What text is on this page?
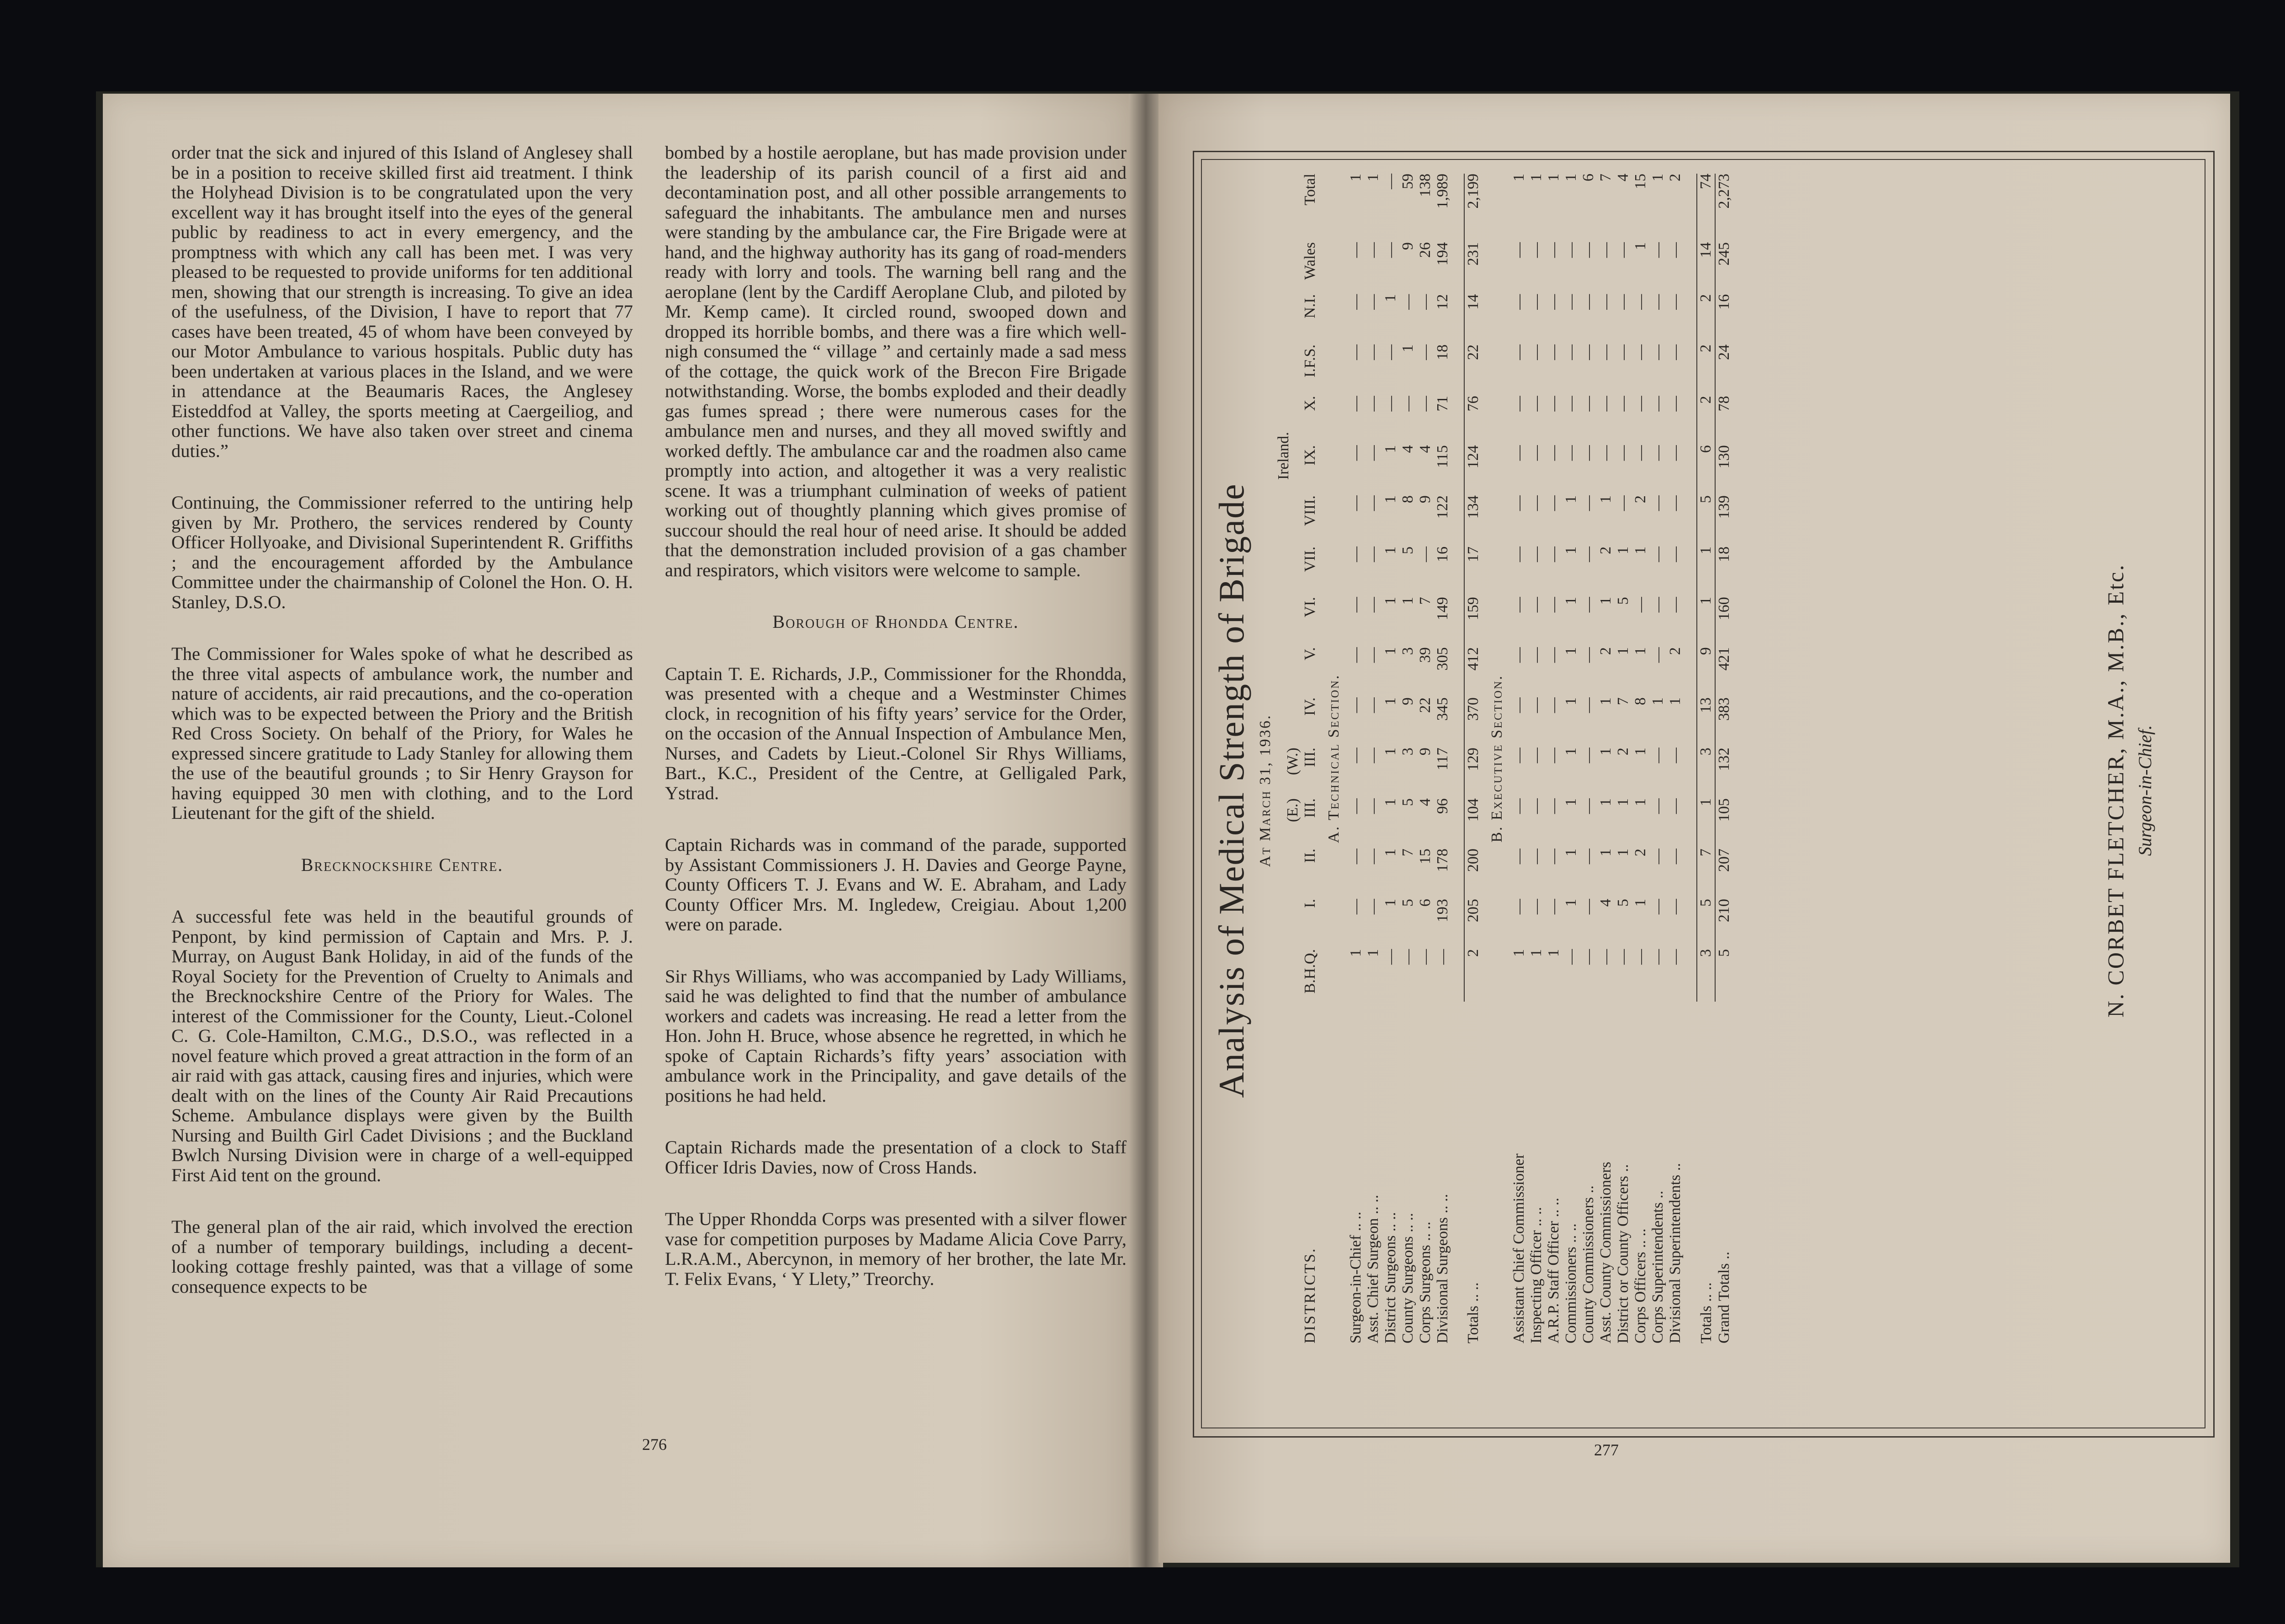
order tnat the sick and injured of this Island of Anglesey shall be in a position to receive skilled first aid treatment. I think the Holyhead Division is to be congratulated upon the very excellent way it has brought itself into the eyes of the general public by readiness to act in every emergency, and the promptness with which any call has been met. I was very pleased to be requested to provide uniforms for ten additional men, showing that our strength is increasing. To give an idea of the usefulness, of the Division, I have to report that 77 cases have been treated, 45 of whom have been conveyed by our Motor Ambulance to various hospitals. Public duty has been undertaken at various places in the Island, and we were in attendance at the Beaumaris Races, the Anglesey Eisteddfod at Valley, the sports meeting at Caergeiliog, and other functions. We have also taken over street and cinema duties.”

Continuing, the Commissioner referred to the untiring help given by Mr. Prothero, the services rendered by County Officer Hollyoake, and Divisional Superintendent R. Griffiths ; and the encouragement afforded by the Ambulance Committee under the chairmanship of Colonel the Hon. O. H. Stanley, D.S.O.

The Commissioner for Wales spoke of what he described as the three vital aspects of ambulance work, the number and nature of accidents, air raid precautions, and the co-operation which was to be expected between the Priory and the British Red Cross Society. On behalf of the Priory, for Wales he expressed sincere gratitude to Lady Stanley for allowing them the use of the beautiful grounds ; to Sir Henry Grayson for having equipped 30 men with clothing, and to the Lord Lieutenant for the gift of the shield.

Brecknockshire Centre.

A successful fete was held in the beautiful grounds of Penpont, by kind permission of Captain and Mrs. P. J. Murray, on August Bank Holiday, in aid of the funds of the Royal Society for the Prevention of Cruelty to Animals and the Brecknockshire Centre of the Priory for Wales. The interest of the Commissioner for the County, Lieut.-Colonel C. G. Cole-Hamilton, C.M.G., D.S.O., was reflected in a novel feature which proved a great attraction in the form of an air raid with gas attack, causing fires and injuries, which were dealt with on the lines of the County Air Raid Precautions Scheme. Ambulance displays were given by the Builth Nursing and Builth Girl Cadet Divisions ; and the Buckland Bwlch Nursing Division were in charge of a well-equipped First Aid tent on the ground.

The general plan of the air raid, which involved the erection of a number of temporary buildings, including a decent-looking cottage freshly painted, was that a village of some consequence expects to be

bombed by a hostile aeroplane, but has made provision under the leadership of its parish council of a first aid and decontamination post, and all other possible arrangements to safeguard the inhabitants. The ambulance men and nurses were standing by the ambulance car, the Fire Brigade were at hand, and the highway authority has its gang of road-menders ready with lorry and tools. The warning bell rang and the aeroplane (lent by the Cardiff Aeroplane Club, and piloted by Mr. Kemp came). It circled round, swooped down and dropped its horrible bombs, and there was a fire which well-nigh consumed the “ village ” and certainly made a sad mess of the cottage, the quick work of the Brecon Fire Brigade notwithstanding. Worse, the bombs exploded and their deadly gas fumes spread ; there were numerous cases for the ambulance men and nurses, and they all moved swiftly and worked deftly. The ambulance car and the roadmen also came promptly into action, and altogether it was a very realistic scene. It was a triumphant culmination of weeks of patient working out of thoughtly planning which gives promise of succour should the real hour of need arise. It should be added that the demonstration included provision of a gas chamber and respirators, which visitors were welcome to sample.

Borough of Rhondda Centre.

Captain T. E. Richards, J.P., Commissioner for the Rhondda, was presented with a cheque and a Westminster Chimes clock, in recognition of his fifty years’ service for the Order, on the occasion of the Annual Inspection of Ambulance Men, Nurses, and Cadets by Lieut.-Colonel Sir Rhys Williams, Bart., K.C., President of the Centre, at Gelligaled Park, Ystrad.

Captain Richards was in command of the parade, supported by Assistant Commissioners J. H. Davies and George Payne, County Officers T. J. Evans and W. E. Abraham, and Lady County Officer Mrs. M. Ingledew, Creigiau. About 1,200 were on parade.

Sir Rhys Williams, who was accompanied by Lady Williams, said he was delighted to find that the number of ambulance workers and cadets was increasing. He read a letter from the Hon. John H. Bruce, whose absence he regretted, in which he spoke of Captain Richards’s fifty years’ association with ambulance work in the Principality, and gave details of the positions he had held.

Captain Richards made the presentation of a clock to Staff Officer Idris Davies, now of Cross Hands.

The Upper Rhondda Corps was presented with a silver flower vase for competition purposes by Madame Alicia Cove Parry, L.R.A.M., Abercynon, in memory of her brother, the late Mr. T. Felix Evans, ‘ Y Llety,” Treorchy.

276
Analysis of Medical Strength of Brigade At March 31, 1936.
Ireland.
				(E.)	(W.)											
DISTRICTS.	B.H.Q.	I.	II.	III.	III.	IV.	V.	VI.	VII.	VIII.	IX.	X.	I.F.S.	N.I.	Wales	Total
A. Technical Section.																
Surgeon-in-Chief .. ..	1	—	—	—	—	—	—	—	—	—	—	—	—	—	—	1
Asst. Chief Surgeon .. ..	1	—	—	—	—	—	—	—	—	—	—	—	—	—	—	1
District Surgeons .. ..	—	1	1	1	1	1	1	1	1	1	1	—	—	1	—	—
County Surgeons .. ..	—	5	7	5	3	9	3	1	5	8	4	—	1	—	9	59
Corps Surgeons .. ..	—	6	15	4	9	22	39	7	—	9	4	—	—	—	26	138
Divisional Surgeons .. ..	—	193	178	96	117	345	305	149	16	122	115	71	18	12	194	1,989

Totals .. ..	2	205	200	104	129	370	412	159	17	134	124	76	22	14	231	2,199
B. Executive Section.																
Assistant Chief Commissioner	1	—	—	—	—	—	—	—	—	—	—	—	—	—	—	1
Inspecting Officer .. ..	1	—	—	—	—	—	—	—	—	—	—	—	—	—	—	1
A.R.P. Staff Officer .. ..	1	—	—	—	—	—	—	—	—	—	—	—	—	—	—	1
Commissioners .. ..	—	1	1	1	1	1	1	1	1	1	—	—	—	—	—	1
County Commissioners ..	—	—	—	—	—	—	—	—	—	—	—	—	—	—	—	6
Asst. County Commissioners	—	4	1	1	1	1	2	1	2	1	—	—	—	—	—	7
District or County Officers ..	—	5	1	1	2	7	1	5	1	—	—	—	—	—	—	4
Corps Officers .. ..	—	1	2	1	1	8	1	—	1	2	—	—	—	—	1	15
Corps Superintendents ..	—	—	—	—	—	1	—	—	—	—	—	—	—	—	—	1
Divisional Superintendents ..	—	—	—	—	—	1	2	—	—	—	—	—	—	—	—	2

Totals .. ..	3	5	7	1	3	13	9	1	1	5	6	2	2	2	14	74
Grand Totals ..	5	210	207	105	132	383	421	160	18	139	130	78	24	16	245	2,273
N. CORBET FLETCHER, M.A., M.B., Etc. Surgeon-in-Chief.
277
